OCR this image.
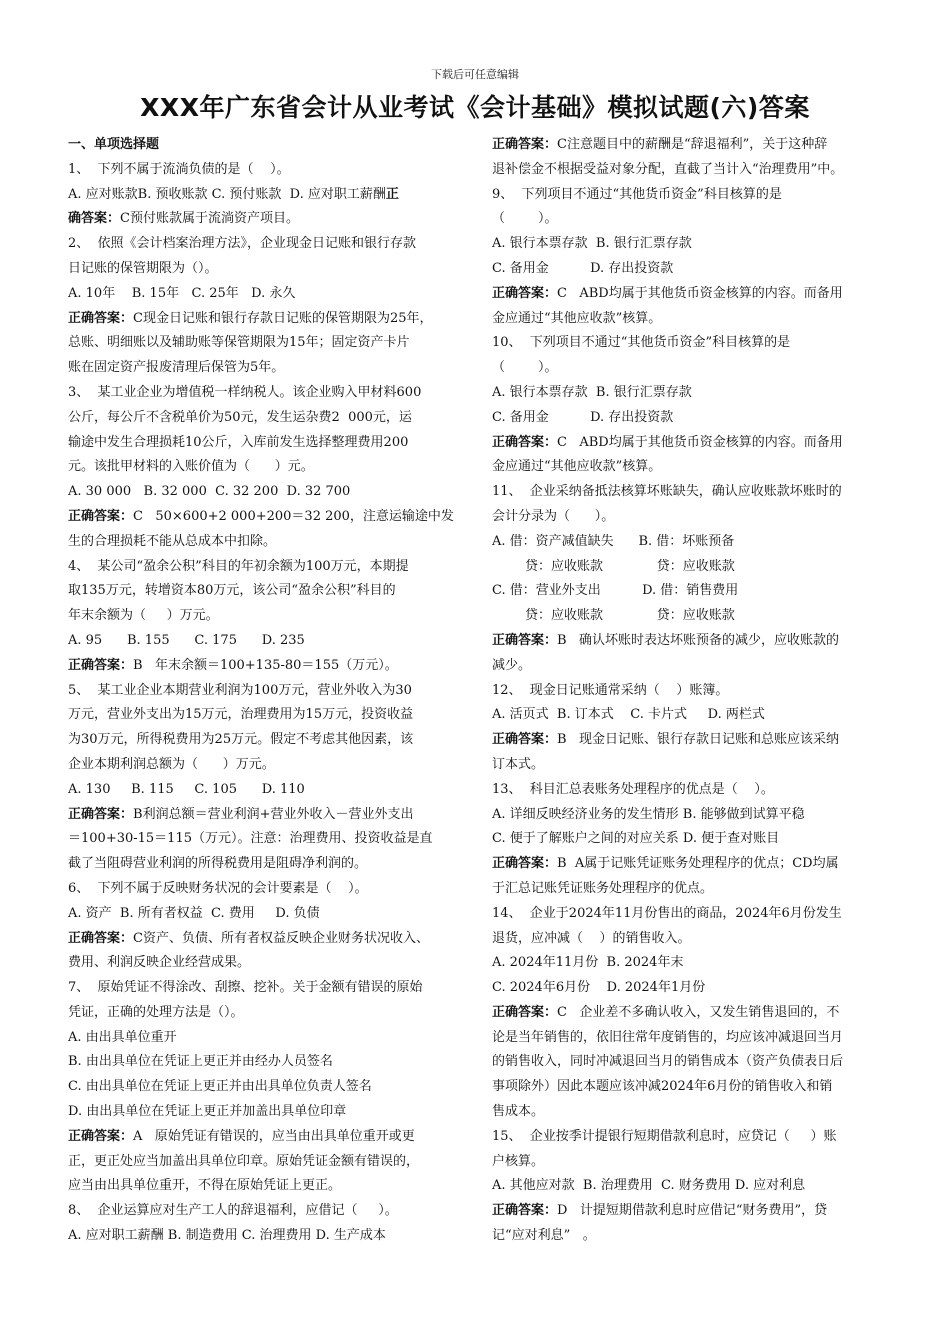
下载后可任意编辑
XXX年广东省会计从业考试《会计基础》模拟试题(六)答案
一、单项选择题
1、  下列不属于流淌负债的是（    ）。
A. 应对账款B. 预收账款 C. 预付账款  D. 应对职工薪酬正
确答案：C预付账款属于流淌资产项目。
2、  依照《会计档案治理方法》，企业现金日记账和银行存款
日记账的保管期限为（）。
A. 10年    B. 15年   C. 25年   D. 永久
正确答案：C现金日记账和银行存款日记账的保管期限为25年，
总账、明细账以及辅助账等保管期限为15年；固定资产卡片
账在固定资产报废清理后保管为5年。
3、  某工业企业为增值税一样纳税人。该企业购入甲材料600
公斤，每公斤不含税单价为50元，发生运杂费2  000元，运
输途中发生合理损耗10公斤，入库前发生选择整理费用200
元。该批甲材料的入账价值为（      ）元。
A. 30 000   B. 32 000  C. 32 200  D. 32 700
正确答案：C   50×600+2 000+200＝32 200，注意运输途中发
生的合理损耗不能从总成本中扣除。
4、  某公司“盈余公积”科目的年初余额为100万元，本期提
取135万元，转增资本80万元，该公司“盈余公积”科目的
年末余额为（     ）万元。
A. 95      B. 155      C. 175      D. 235
正确答案：B   年末余额＝100+135-80＝155（万元）。
5、  某工业企业本期营业利润为100万元，营业外收入为30
万元，营业外支出为15万元，治理费用为15万元，投资收益
为30万元，所得税费用为25万元。假定不考虑其他因素，该
企业本期利润总额为（      ）万元。
A. 130     B. 115     C. 105      D. 110
正确答案：B利润总额＝营业利润+营业外收入－营业外支出
＝100+30-15＝115（万元）。注意：治理费用、投资收益是直
截了当阻碍营业利润的所得税费用是阻碍净利润的。
6、  下列不属于反映财务状况的会计要素是（    ）。
A. 资产  B. 所有者权益  C. 费用     D. 负债
正确答案：C资产、负债、所有者权益反映企业财务状况收入、
费用、利润反映企业经营成果。
7、  原始凭证不得涂改、刮擦、挖补。关于金额有错误的原始
凭证，正确的处理方法是（）。
A. 由出具单位重开
B. 由出具单位在凭证上更正并由经办人员签名
C. 由出具单位在凭证上更正并由出具单位负责人签名
D. 由出具单位在凭证上更正并加盖出具单位印章
正确答案：A   原始凭证有错误的，应当由出具单位重开或更
正，更正处应当加盖出具单位印章。原始凭证金额有错误的，
应当由出具单位重开，不得在原始凭证上更正。
8、  企业运算应对生产工人的辞退福利，应借记（     ）。
A. 应对职工薪酬 B. 制造费用 C. 治理费用 D. 生产成本
正确答案：C注意题目中的薪酬是“辞退福利”，关于这种辞
退补偿金不根据受益对象分配，直截了当计入“治理费用”中。
9、  下列项目不通过“其他货币资金”科目核算的是
（        ）。
A. 银行本票存款  B. 银行汇票存款
C. 备用金          D. 存出投资款
正确答案：C   ABD均属于其他货币资金核算的内容。而备用
金应通过“其他应收款”核算。
10、  下列项目不通过“其他货币资金”科目核算的是
（        ）。
A. 银行本票存款  B. 银行汇票存款
C. 备用金          D. 存出投资款
正确答案：C   ABD均属于其他货币资金核算的内容。而备用
金应通过“其他应收款”核算。
11、  企业采纳备抵法核算坏账缺失，确认应收账款坏账时的
会计分录为（      ）。
A. 借：资产减值缺失      B. 借：坏账预备
贷：应收账款             贷：应收账款
C. 借：营业外支出          D. 借：销售费用
贷：应收账款             贷：应收账款
正确答案：B   确认坏账时表达坏账预备的减少，应收账款的
减少。
12、  现金日记账通常采纳（    ）账簿。
A. 活页式  B. 订本式    C. 卡片式     D. 两栏式
正确答案：B   现金日记账、银行存款日记账和总账应该采纳
订本式。
13、  科目汇总表账务处理程序的优点是（    ）。
A. 详细反映经济业务的发生情形 B. 能够做到试算平稳
C. 便于了解账户之间的对应关系 D. 便于查对账目
正确答案：B  A属于记账凭证账务处理程序的优点；CD均属
于汇总记账凭证账务处理程序的优点。
14、  企业于2024年11月份售出的商品，2024年6月份发生
退货，应冲减（    ）的销售收入。
A. 2024年11月份  B. 2024年末
C. 2024年6月份    D. 2024年1月份
正确答案：C   企业差不多确认收入，又发生销售退回的，不
论是当年销售的，依旧往常年度销售的，均应该冲减退回当月
的销售收入，同时冲减退回当月的销售成本（资产负债表日后
事项除外）因此本题应该冲减2024年6月份的销售收入和销
售成本。
15、  企业按季计提银行短期借款利息时，应贷记（     ）账
户核算。
A. 其他应对款  B. 治理费用  C. 财务费用 D. 应对利息
正确答案：D   计提短期借款利息时应借记“财务费用”，贷
记“应对利息”   。
